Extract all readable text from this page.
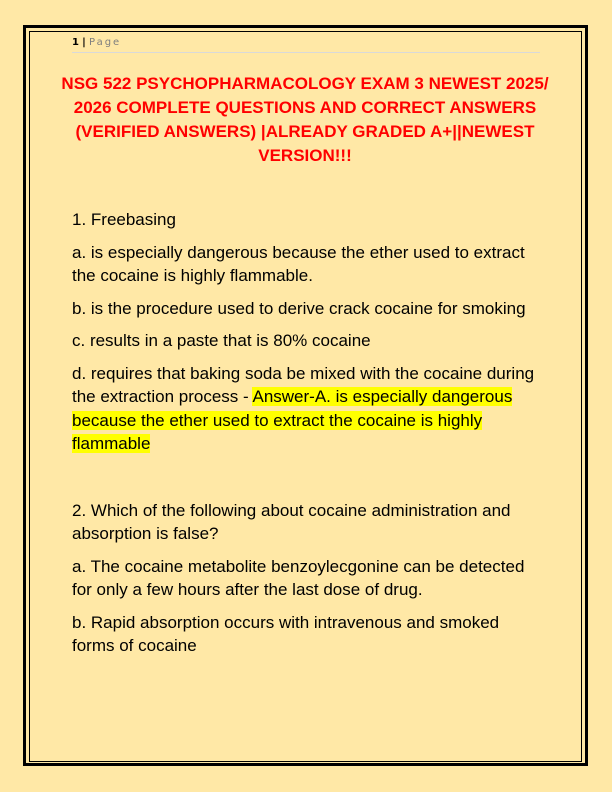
1 | Page
NSG 522 PSYCHOPHARMACOLOGY EXAM 3 NEWEST 2025/ 2026 COMPLETE QUESTIONS AND CORRECT ANSWERS (VERIFIED ANSWERS) |ALREADY GRADED A+||NEWEST VERSION!!!

1. Freebasing

a. is especially dangerous because the ether used to extract the cocaine is highly flammable.

b. is the procedure used to derive crack cocaine for smoking

c. results in a paste that is 80% cocaine

d. requires that baking soda be mixed with the cocaine during the extraction process - Answer-A. is especially dangerous because the ether used to extract the cocaine is highly flammable

2. Which of the following about cocaine administration and absorption is false?

a. The cocaine metabolite benzoylecgonine can be detected for only a few hours after the last dose of drug.

b. Rapid absorption occurs with intravenous and smoked forms of cocaine
